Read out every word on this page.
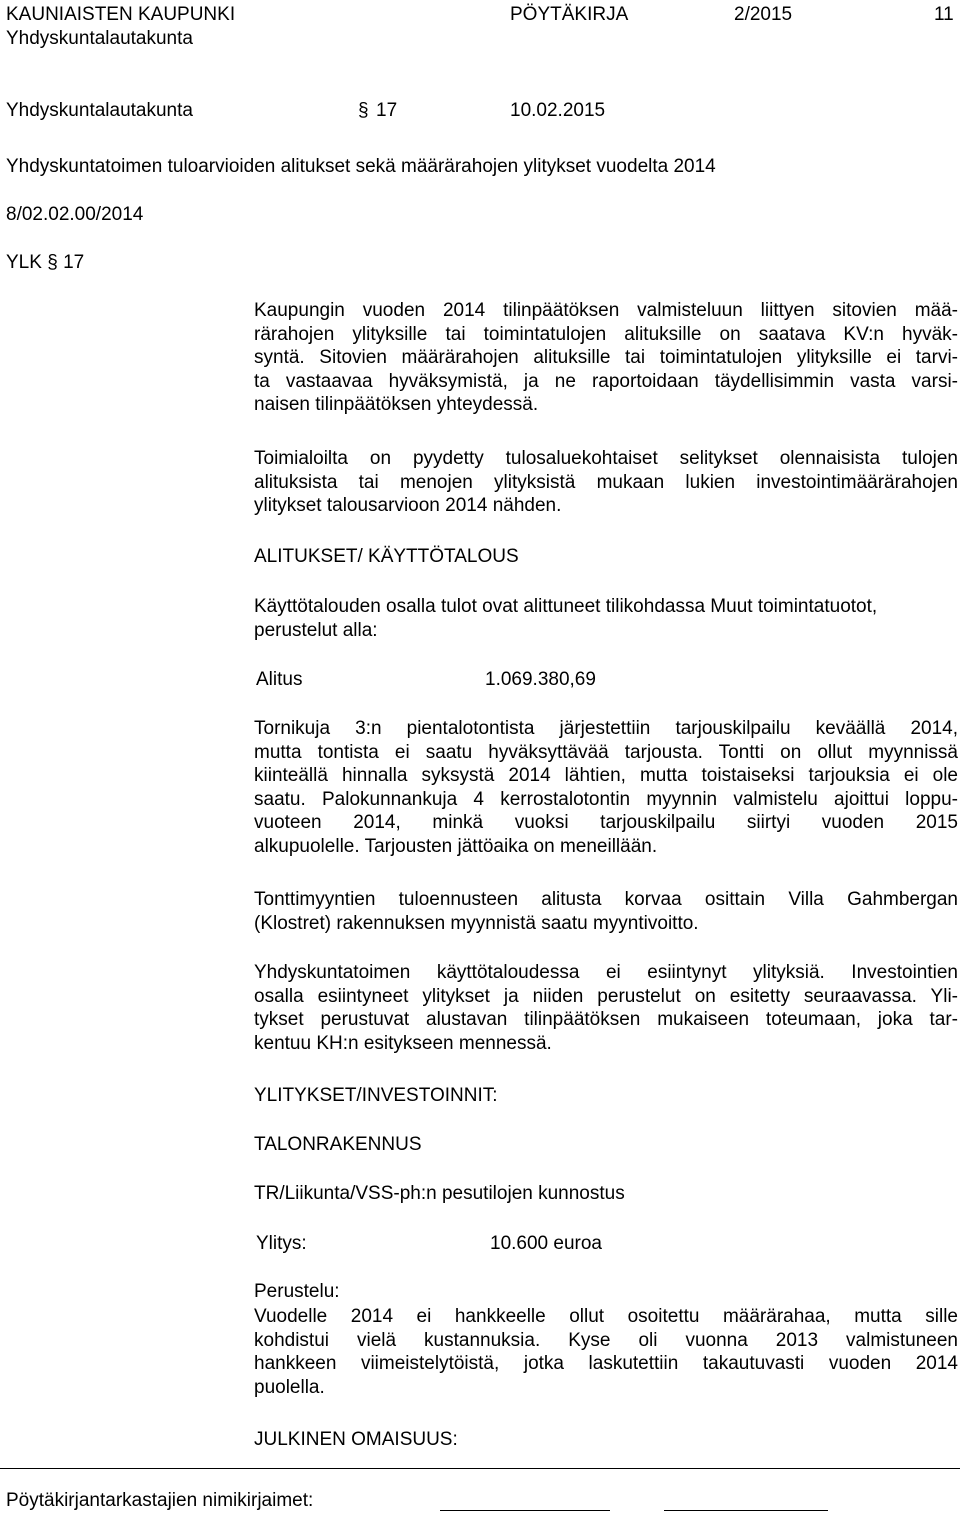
KAUNIAISTEN KAUPUNKI	PÖYTÄKIRJA	2/2015	11
Yhdyskuntalautakunta
Yhdyskuntalautakunta	§ 17	10.02.2015
Yhdyskuntatoimen tuloarvioiden alitukset sekä määrärahojen ylitykset vuodelta 2014
8/02.02.00/2014
YLK § 17
Kaupungin vuoden 2014 tilinpäätöksen valmisteluun liittyen sitovien mää-
rärahojen ylityksille tai toimintatulojen alituksille on saatava KV:n hyväk-
syntä. Sitovien määrärahojen alituksille tai toimintatulojen ylityksille ei tarvi-
ta vastaavaa hyväksymistä, ja ne raportoidaan täydellisimmin vasta varsi-
naisen tilinpäätöksen yhteydessä.
Toimialoilta on pyydetty tulosaluekohtaiset selitykset olennaisista tulojen
alituksista tai menojen ylityksistä mukaan lukien investointimäärärahojen
ylitykset talousarvioon 2014 nähden.
ALITUKSET/ KÄYTTÖTALOUS
Käyttötalouden osalla tulot ovat alittuneet tilikohdassa Muut toimintatuotot,
perustelut alla:
Alitus	1.069.380,69
Tornikuja 3:n pientalotontista järjestettiin tarjouskilpailu keväällä 2014,
mutta tontista ei saatu hyväksyttävää tarjousta. Tontti on ollut myynnissä
kiinteällä hinnalla syksystä 2014 lähtien, mutta toistaiseksi tarjouksia ei ole
saatu. Palokunnankuja 4 kerrostalotontin myynnin valmistelu ajoittui loppu-
vuoteen 2014, minkä vuoksi tarjouskilpailu siirtyi vuoden 2015
alkupuolelle. Tarjousten jättöaika on meneillään.
Tonttimyyntien tuloennusteen alitusta korvaa osittain Villa Gahmbergan
(Klostret) rakennuksen myynnistä saatu myyntivoitto.
Yhdyskuntatoimen käyttötaloudessa ei esiintynyt ylityksiä. Investointien
osalla esiintyneet ylitykset ja niiden perustelut on esitetty seuraavassa. Yli-
tykset perustuvat alustavan tilinpäätöksen mukaiseen toteumaan, joka tar-
kentuu KH:n esitykseen mennessä.
YLITYKSET/INVESTOINNIT:
TALONRAKENNUS
TR/Liikunta/VSS-ph:n pesutilojen kunnostus
Ylitys:	10.600 euroa
Perustelu:
Vuodelle 2014 ei hankkeelle ollut osoitettu määrärahaa, mutta sille
kohdistui vielä kustannuksia. Kyse oli vuonna 2013 valmistuneen
hankkeen viimeistelytöistä, jotka laskutettiin takautuvasti vuoden 2014
puolella.
JULKINEN OMAISUUS:
Pöytäkirjantarkastajien nimikirjaimet:
